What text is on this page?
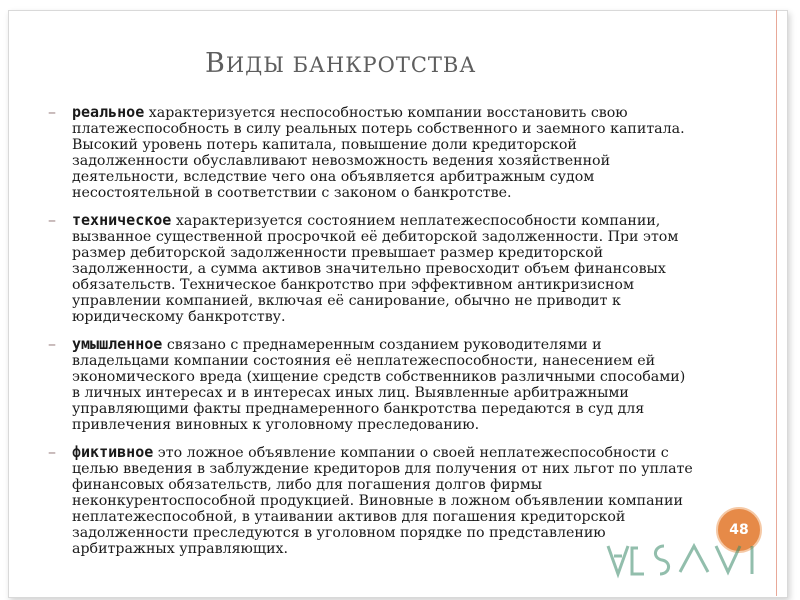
ВИДЫ БАНКРОТСТВА

– реальное характеризуется неспособностью компании восстановить свою платежеспособность в силу реальных потерь собственного и заемного капитала. Высокий уровень потерь капитала, повышение доли кредиторской задолженности обуславливают невозможность ведения хозяйственной деятельности, вследствие чего она объявляется арбитражным судом несостоятельной в соответствии с законом о банкротстве.

– техническое характеризуется состоянием неплатежеспособности компании, вызванное существенной просрочкой её дебиторской задолженности. При этом размер дебиторской задолженности превышает размер кредиторской задолженности, а сумма активов значительно превосходит объем финансовых обязательств. Техническое банкротство при эффективном антикризисном управлении компанией, включая её санирование, обычно не приводит к юридическому банкротству.

– умышленное связано с преднамеренным созданием руководителями и владельцами компании состояния её неплатежеспособности, нанесением ей экономического вреда (хищение средств собственников различными способами) в личных интересах и в интересах иных лиц. Выявленные арбитражными управляющими факты преднамеренного банкротства передаются в суд для привлечения виновных к уголовному преследованию.

– фиктивное это ложное объявление компании о своей неплатежеспособности с целью введения в заблуждение кредиторов для получения от них льгот по уплате финансовых обязательств, либо для погашения долгов фирмы неконкурентоспособной продукцией. Виновные в ложном объявлении компании неплатежеспособной, в утаивании активов для погашения кредиторской задолженности преследуются в уголовном порядке по представлению арбитражных управляющих.

48
